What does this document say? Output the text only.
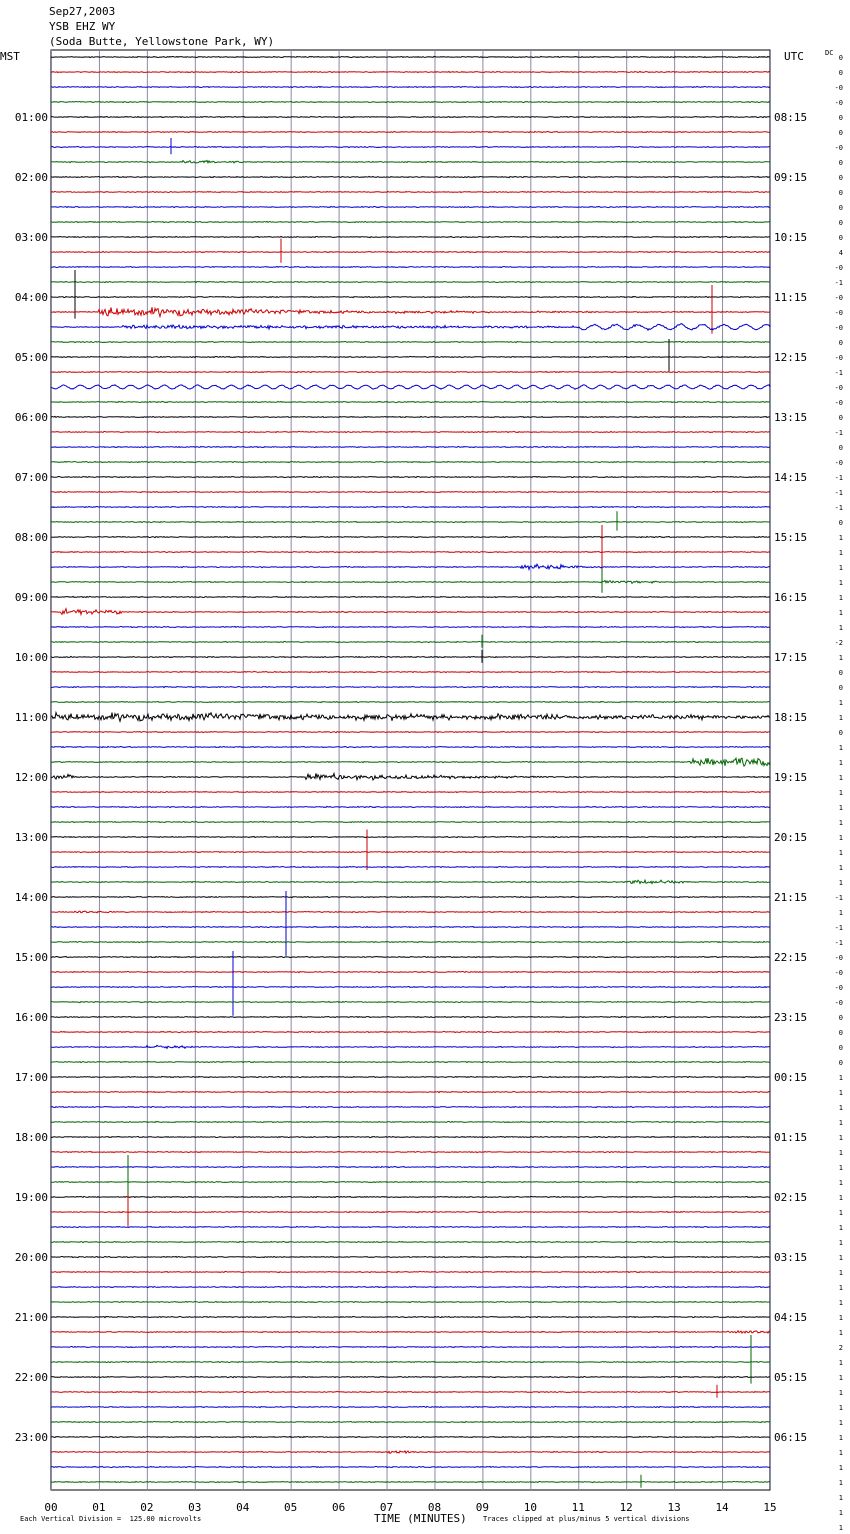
Sep27,2003
YSB EHZ WY
(Soda Butte, Yellowstone Park, WY)
MST	UTC	DC
01:00	08:15
02:00	09:15
03:00	10:15
04:00	11:15
05:00	12:15
06:00	13:15
07:00	14:15
08:00	15:15
09:00	16:15
10:00	17:15
11:00	18:15
12:00	19:15
13:00	20:15
14:00	21:15
15:00	22:15
16:00	23:15
17:00	00:15
18:00	01:15
19:00	02:15
20:00	03:15
21:00	04:15
22:00	05:15
23:00	06:15
0
0
-0
-0
0
0
-0
0
0
0
0
0
0
4
-0
-1
-0
-0
-0
0
-0
-1
-0
-0
0
-1
0
-0
-1
-1
-1
0
1
1
1
1
1
1
1
-2
1
0
0
1
1
0
1
1
1
1
1
1
1
1
1
1
-1
1
-1
-1
-0
-0
-0
-0
0
0
0
0
1
1
1
1
1
1
1
1
1
1
1
1
1
1
1
1
1
1
2
1
1
1
1
1
1
1
1
1
1
1
1
00	01	02	03	04	05	06	07	08	09	10	11	12	13	14	15
Each Vertical Division =  125.00 microvolts	TIME (MINUTES) Traces clipped at plus/minus 5 vertical divisions
